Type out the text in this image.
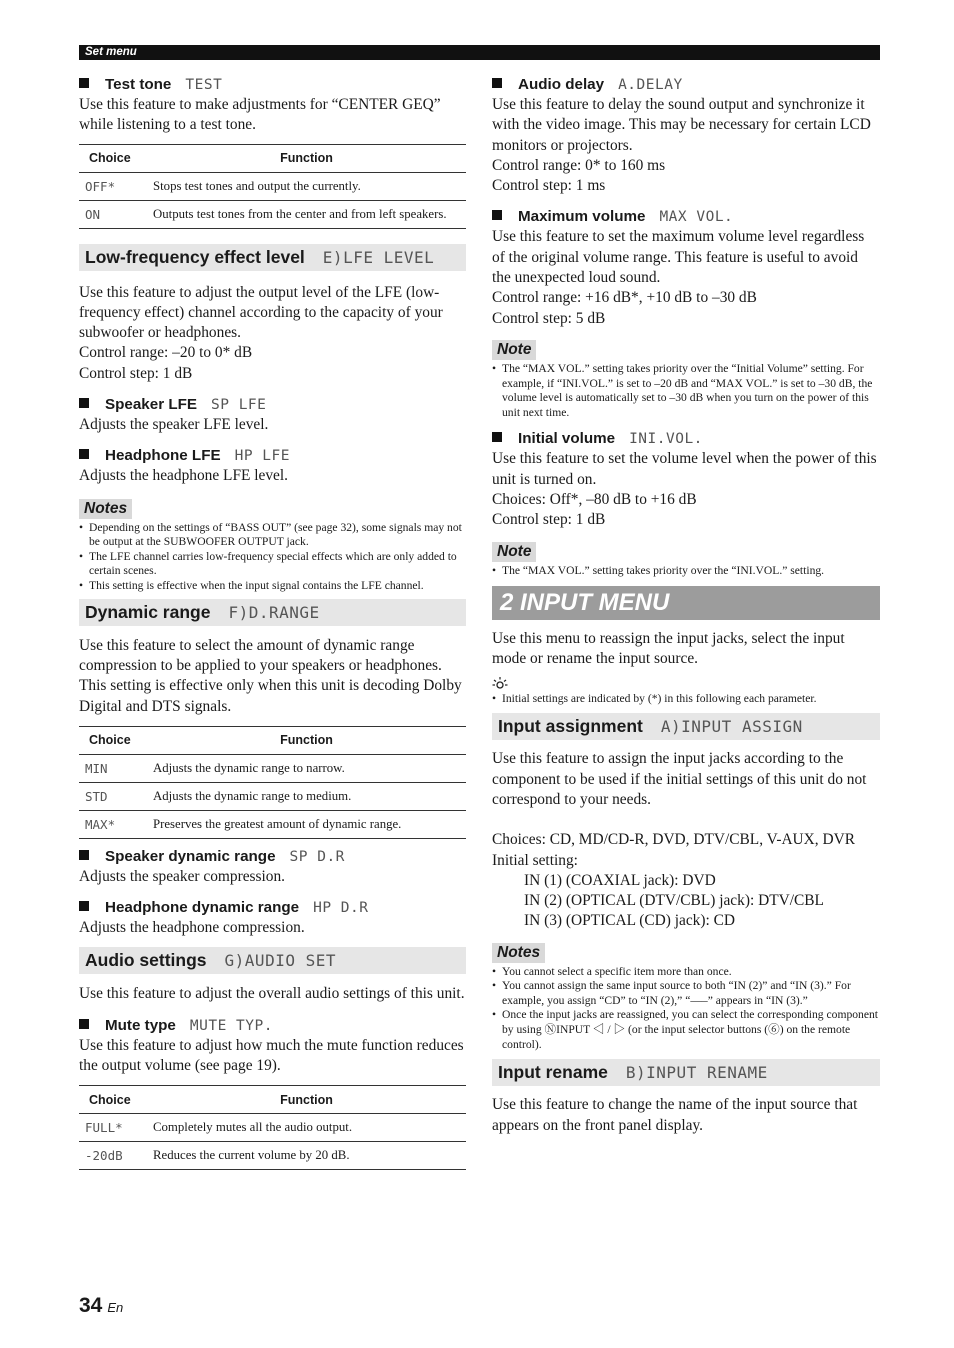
Set menu
Test tone TEST

Use this feature to make adjustments for “CENTER GEQ” while listening to a test tone.

Choice	Function
OFF*	Stops test tones and output the currently.
ON	Outputs test tones from the center and from left speakers.
Low-frequency effect level E)LFE LEVEL

Use this feature to adjust the output level of the LFE (low-frequency effect) channel according to the capacity of your subwoofer or headphones.

Control range: –20 to 0* dB

Control step: 1 dB

Speaker LFE SP LFE

Adjusts the speaker LFE level.

Headphone LFE HP LFE

Adjusts the headphone LFE level.

Notes
• Depending on the settings of “BASS OUT” (see page 32), some signals may not be output at the SUBWOOFER OUTPUT jack.
• The LFE channel carries low-frequency special effects which are only added to certain scenes.
• This setting is effective when the input signal contains the LFE channel.
Dynamic range F)D.RANGE

Use this feature to select the amount of dynamic range compression to be applied to your speakers or headphones. This setting is effective only when this unit is decoding Dolby Digital and DTS signals.

Choice	Function
MIN	Adjusts the dynamic range to narrow.
STD	Adjusts the dynamic range to medium.
MAX*	Preserves the greatest amount of dynamic range.
Speaker dynamic range SP D.R

Adjusts the speaker compression.

Headphone dynamic range HP D.R

Adjusts the headphone compression.

Audio settings G)AUDIO SET

Use this feature to adjust the overall audio settings of this unit.

Mute type MUTE TYP.

Use this feature to adjust how much the mute function reduces the output volume (see page 19).

Choice	Function
FULL*	Completely mutes all the audio output.
-20dB	Reduces the current volume by 20 dB.
Audio delay A.DELAY

Use this feature to delay the sound output and synchronize it with the video image. This may be necessary for certain LCD monitors or projectors.

Control range: 0* to 160 ms

Control step: 1 ms

Maximum volume MAX VOL.

Use this feature to set the maximum volume level regardless of the original volume range. This feature is useful to avoid the unexpected loud sound.

Control range: +16 dB*, +10 dB to –30 dB

Control step: 5 dB

Note
• The “MAX VOL.” setting takes priority over the “Initial Volume” setting. For example, if “INI.VOL.” is set to –20 dB and “MAX VOL.” is set to –30 dB, the volume level is automatically set to –30 dB when you turn on the power of this unit next time.
Initial volume INI.VOL.

Use this feature to set the volume level when the power of this unit is turned on.

Choices: Off*, –80 dB to +16 dB

Control step: 1 dB

Note
• The “MAX VOL.” setting takes priority over the “INI.VOL.” setting.
2 INPUT MENU

Use this menu to reassign the input jacks, select the input mode or rename the input source.

• Initial settings are indicated by (*) in this following each parameter.
Input assignment A)INPUT ASSIGN

Use this feature to assign the input jacks according to the component to be used if the initial settings of this unit do not correspond to your needs.

Choices: CD, MD/CD-R, DVD, DTV/CBL, V-AUX, DVR

Initial setting:

IN (1) (COAXIAL jack): DVD

IN (2) (OPTICAL (DTV/CBL) jack): DTV/CBL

IN (3) (OPTICAL (CD) jack): CD

Notes
• You cannot select a specific item more than once.
• You cannot assign the same input source to both “IN (2)” and “IN (3).” For example, you assign “CD” to “IN (2),” “–––” appears in “IN (3).”
• Once the input jacks are reassigned, you can select the corresponding component by using ⓃINPUT ◁ / ▷ (or the input selector buttons (⑥) on the remote control).
Input rename B)INPUT RENAME

Use this feature to change the name of the input source that appears on the front panel display.

34 En
